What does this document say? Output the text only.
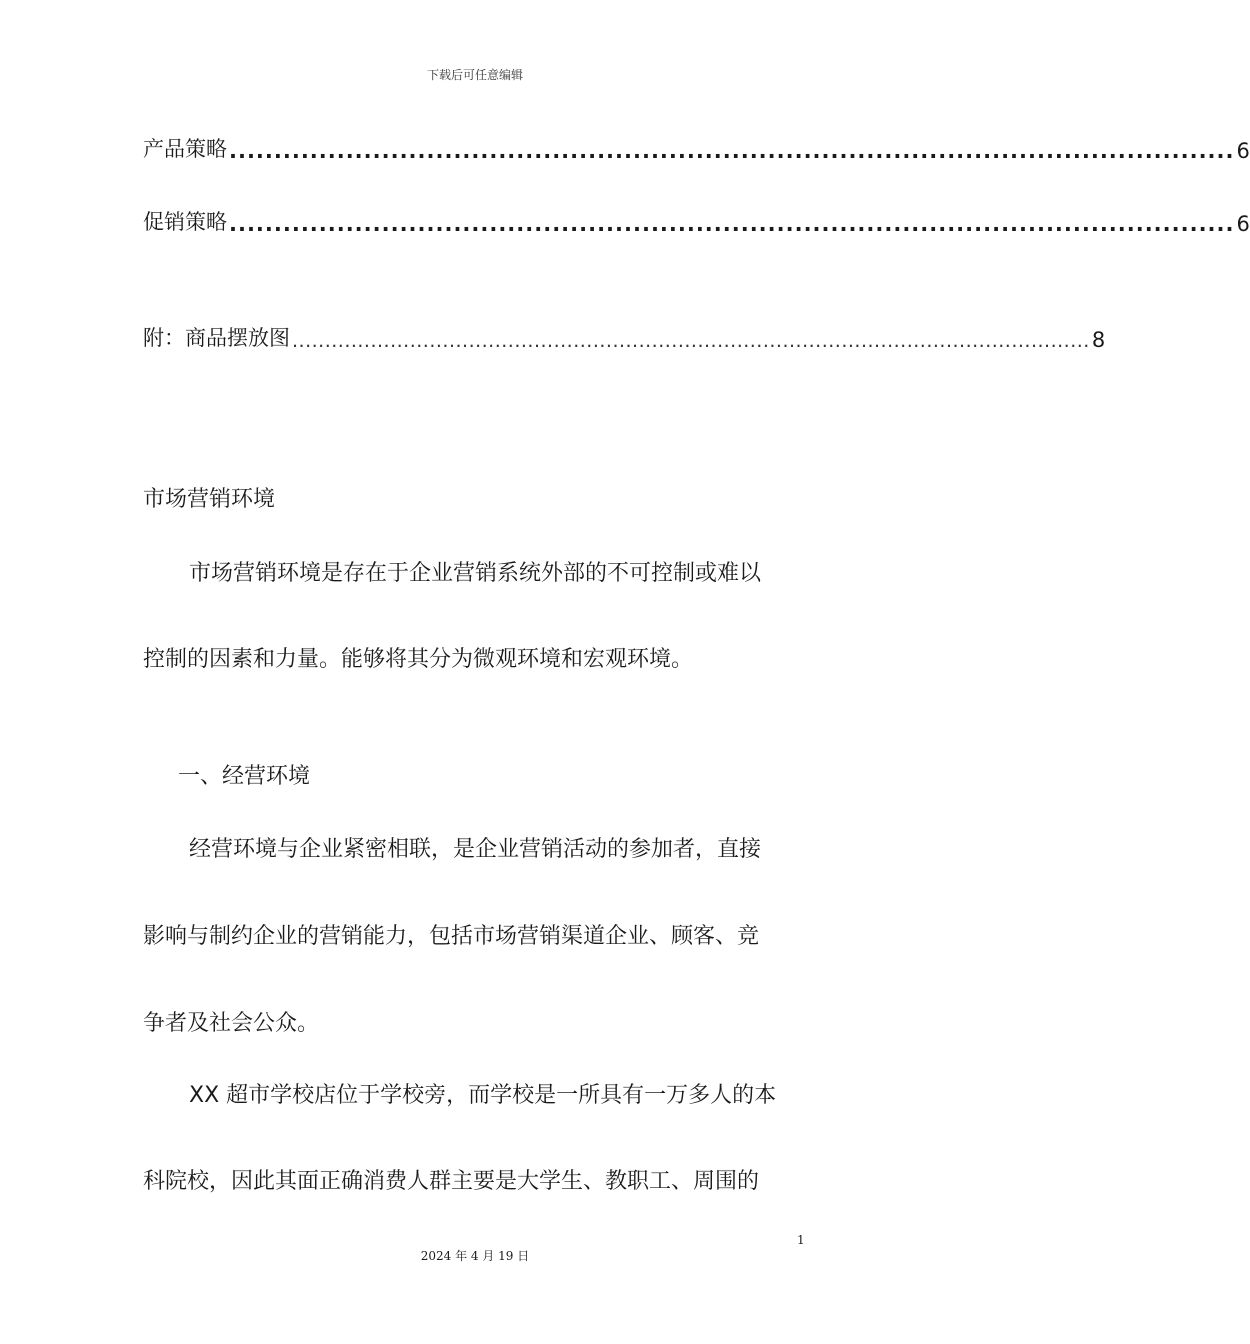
下载后可任意编辑
产品策略 ................................................................................................................ 6
促销策略 ................................................................................................................ 6
附：商品摆放图 .......................................................................................................................... 8
市场营销环境
市场营销环境是存在于企业营销系统外部的不可控制或难以
控制的因素和力量。能够将其分为微观环境和宏观环境。
一、经营环境
经营环境与企业紧密相联，是企业营销活动的参加者，直接
影响与制约企业的营销能力，包括市场营销渠道企业、顾客、竞
争者及社会公众。
XX 超市学校店位于学校旁，而学校是一所具有一万多人的本
科院校，因此其面正确消费人群主要是大学生、教职工、周围的
1
2024 年 4 月 19 日
